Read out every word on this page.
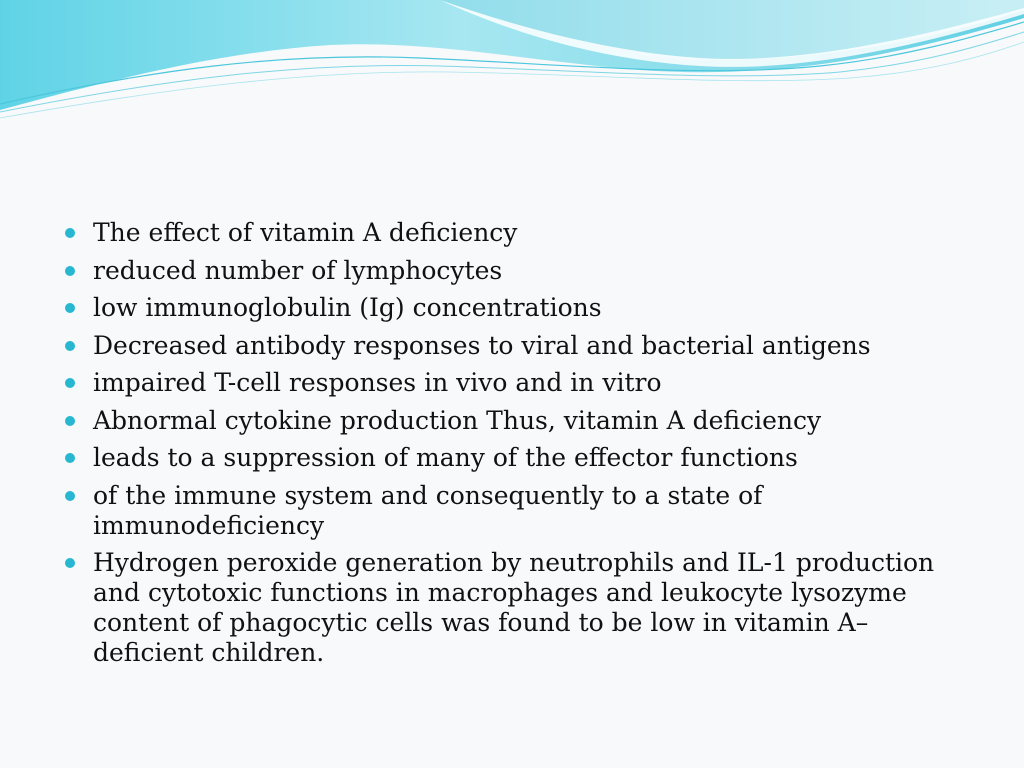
The effect of vitamin A deficiency
reduced number of lymphocytes
low immunoglobulin (Ig) concentrations
Decreased antibody responses to viral and bacterial antigens
impaired T-cell responses in vivo and in vitro
Abnormal cytokine production Thus, vitamin A deficiency
leads to a suppression of many of the effector functions
of the immune system and consequently to a state of immunodeficiency
Hydrogen peroxide generation by neutrophils and IL-1 production and cytotoxic functions in macrophages and leukocyte lysozyme content of phagocytic cells was found to be low in vitamin A– deficient children.
